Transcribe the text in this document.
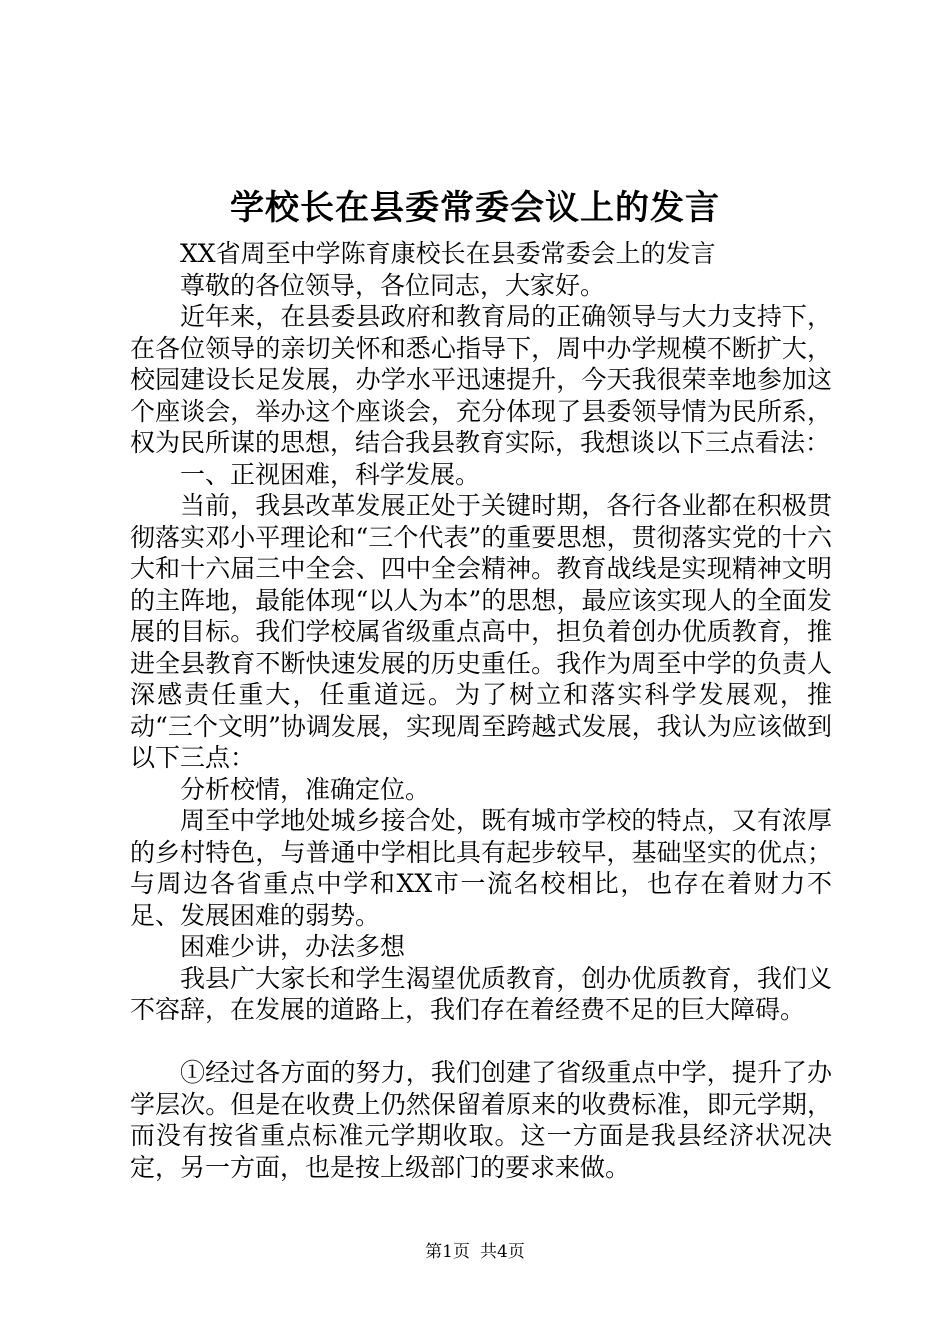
学校长在县委常委会议上的发言

XX省周至中学陈育康校长在县委常委会上的发言

尊敬的各位领导，各位同志，大家好。

近年来，在县委县政府和教育局的正确领导与大力支持下，在各位领导的亲切关怀和悉心指导下，周中办学规模不断扩大，校园建设长足发展，办学水平迅速提升，今天我很荣幸地参加这个座谈会，举办这个座谈会，充分体现了县委领导情为民所系，权为民所谋的思想，结合我县教育实际，我想谈以下三点看法：

一、正视困难，科学发展。

当前，我县改革发展正处于关键时期，各行各业都在积极贯彻落实邓小平理论和“三个代表”的重要思想，贯彻落实党的十六大和十六届三中全会、四中全会精神。教育战线是实现精神文明的主阵地，最能体现“以人为本”的思想，最应该实现人的全面发展的目标。我们学校属省级重点高中，担负着创办优质教育，推进全县教育不断快速发展的历史重任。我作为周至中学的负责人深感责任重大，任重道远。为了树立和落实科学发展观，推动“三个文明”协调发展，实现周至跨越式发展，我认为应该做到以下三点：

分析校情，准确定位。

周至中学地处城乡接合处，既有城市学校的特点，又有浓厚的乡村特色，与普通中学相比具有起步较早，基础坚实的优点；与周边各省重点中学和XX市一流名校相比，也存在着财力不足、发展困难的弱势。

困难少讲，办法多想

我县广大家长和学生渴望优质教育，创办优质教育，我们义不容辞，在发展的道路上，我们存在着经费不足的巨大障碍。

①经过各方面的努力，我们创建了省级重点中学，提升了办学层次。但是在收费上仍然保留着原来的收费标准，即元学期，而没有按省重点标准元学期收取。这一方面是我县经济状况决定，另一方面，也是按上级部门的要求来做。

第1页 共4页
